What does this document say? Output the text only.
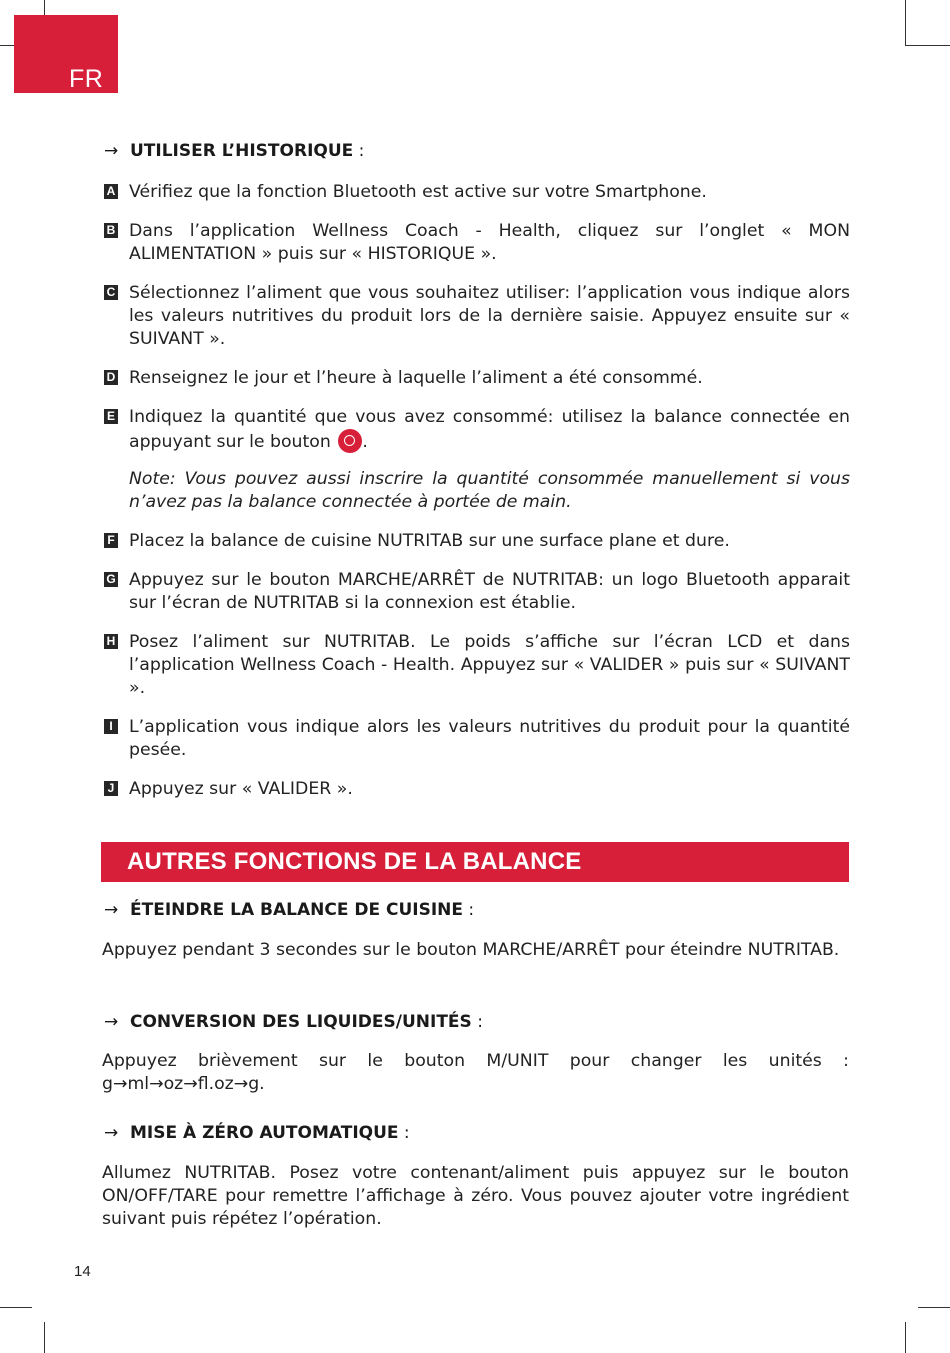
FR
→ UTILISER L’HISTORIQUE :
A Vérifiez que la fonction Bluetooth est active sur votre Smartphone.
B Dans l’application Wellness Coach - Health, cliquez sur l’onglet « MON ALIMENTATION » puis sur « HISTORIQUE ».
C Sélectionnez l’aliment que vous souhaitez utiliser: l’application vous indique alors les valeurs nutritives du produit lors de la dernière saisie. Appuyez ensuite sur « SUIVANT ».
D Renseignez le jour et l’heure à laquelle l’aliment a été consommé.
E Indiquez la quantité que vous avez consommé: utilisez la balance connectée en appuyant sur le bouton .
Note: Vous pouvez aussi inscrire la quantité consommée manuellement si vous n’avez pas la balance connectée à portée de main.
F Placez la balance de cuisine NUTRITAB sur une surface plane et dure.
G Appuyez sur le bouton MARCHE/ARRÊT de NUTRITAB: un logo Bluetooth apparait sur l’écran de NUTRITAB si la connexion est établie.
H Posez l’aliment sur NUTRITAB. Le poids s’affiche sur l’écran LCD et dans l’application Wellness Coach - Health. Appuyez sur « VALIDER » puis sur « SUIVANT ».
I L’application vous indique alors les valeurs nutritives du produit pour la quantité pesée.
J Appuyez sur « VALIDER ».
AUTRES FONCTIONS DE LA BALANCE
→ ÉTEINDRE LA BALANCE DE CUISINE :
Appuyez pendant 3 secondes sur le bouton MARCHE/ARRÊT pour éteindre NUTRITAB.
→ CONVERSION DES LIQUIDES/UNITÉS :
Appuyez brièvement sur le bouton M/UNIT pour changer les unités : g→ml→oz→fl.oz→g.
→ MISE À ZÉRO AUTOMATIQUE :
Allumez NUTRITAB. Posez votre contenant/aliment puis appuyez sur le bouton ON/OFF/TARE pour remettre l’affichage à zéro. Vous pouvez ajouter votre ingrédient suivant puis répétez l’opération.
14
